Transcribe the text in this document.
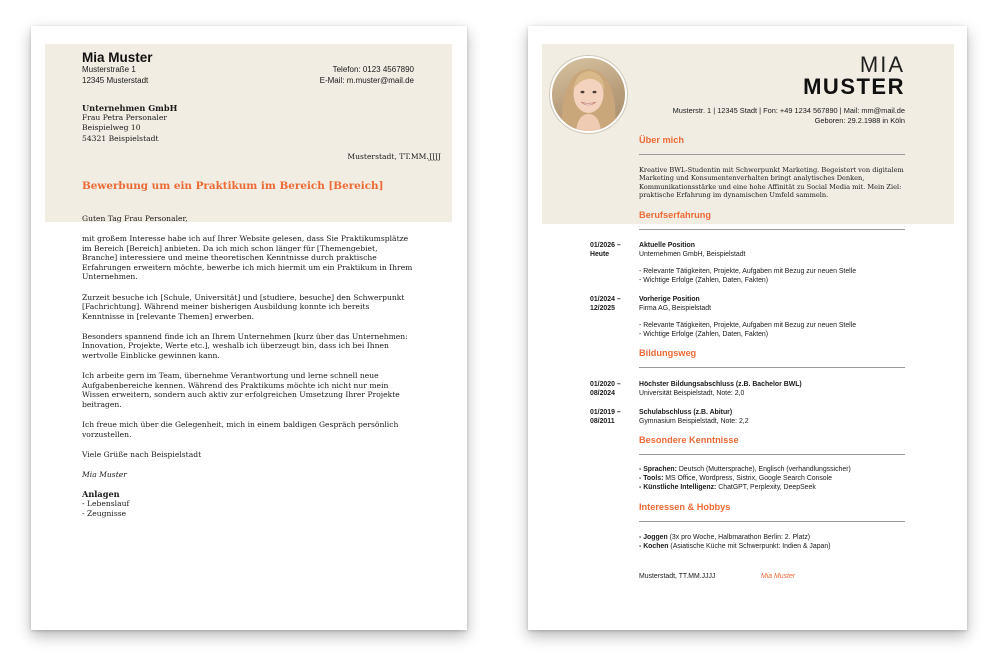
Mia Muster
Musterstraße 1
12345 Musterstadt
Telefon: 0123 4567890
E-Mail: m.muster@mail.de
Unternehmen GmbH
Frau Petra Personaler
Beispielweg 10
54321 Beispielstadt
Musterstadt, TT.MM.JJJJ
Bewerbung um ein Praktikum im Bereich [Bereich]

Guten Tag Frau Personaler,

mit großem Interesse habe ich auf Ihrer Website gelesen, dass Sie Praktikumsplätze
im Bereich [Bereich] anbieten. Da ich mich schon länger für [Themengebiet,
Branche] interessiere und meine theoretischen Kenntnisse durch praktische
Erfahrungen erweitern möchte, bewerbe ich mich hiermit um ein Praktikum in Ihrem
Unternehmen.

Zurzeit besuche ich [Schule, Universität] und [studiere, besuche] den Schwerpunkt
[Fachrichtung]. Während meiner bisherigen Ausbildung konnte ich bereits
Kenntnisse in [relevante Themen] erwerben.

Besonders spannend finde ich an Ihrem Unternehmen [kurz über das Unternehmen:
Innovation, Projekte, Werte etc.], weshalb ich überzeugt bin, dass ich bei Ihnen
wertvolle Einblicke gewinnen kann.

Ich arbeite gern im Team, übernehme Verantwortung und lerne schnell neue
Aufgabenbereiche kennen. Während des Praktikums möchte ich nicht nur mein
Wissen erweitern, sondern auch aktiv zur erfolgreichen Umsetzung Ihrer Projekte
beitragen.

Ich freue mich über die Gelegenheit, mich in einem baldigen Gespräch persönlich
vorzustellen.

Viele Grüße nach Beispielstadt

Mia Muster

Anlagen

- Lebenslauf

- Zeugnisse

MIA
MUSTER
Musterstr. 1 | 12345 Stadt | Fon: +49 1234 567890 | Mail: mm@mail.de
Geboren: 29.2.1988 in Köln
Über mich
Kreative BWL-Studentin mit Schwerpunkt Marketing. Begeistert von digitalem Marketing und Konsumentenverhalten bringt analytisches Denken, Kommunikationsstärke und eine hohe Affinität zu Social Media mit. Mein Ziel: praktische Erfahrung im dynamischen Umfeld sammeln.
Berufserfahrung
01/2026 –
Heute
Aktuelle Position
Unternehmen GmbH, Beispielstadt
- Relevante Tätigkeiten, Projekte, Aufgaben mit Bezug zur neuen Stelle
- Wichtige Erfolge (Zahlen, Daten, Fakten)
01/2024 –
12/2025
Vorherige Position
Firma AG, Beispielstadt
- Relevante Tätigkeiten, Projekte, Aufgaben mit Bezug zur neuen Stelle
- Wichtige Erfolge (Zahlen, Daten, Fakten)
Bildungsweg
01/2020 –
08/2024
Höchster Bildungsabschluss (z.B. Bachelor BWL)
Universität Beispielstadt, Note: 2,0
01/2019 –
08/2011
Schulabschluss (z.B. Abitur)
Gymnasium Beispielstadt, Note: 2,2
Besondere Kenntnisse
- Sprachen: Deutsch (Muttersprache), Englisch (verhandlungssicher)
- Tools: MS Office, Wordpress, Sistrix, Google Search Console
- Künstliche Intelligenz: ChatGPT, Perplexity, DeepSeek
Interessen & Hobbys
- Joggen (3x pro Woche, Halbmarathon Berlin: 2. Platz)
- Kochen (Asiatische Küche mit Schwerpunkt: Indien & Japan)
Musterstadt, TT.MM.JJJJ	Mia Muster
